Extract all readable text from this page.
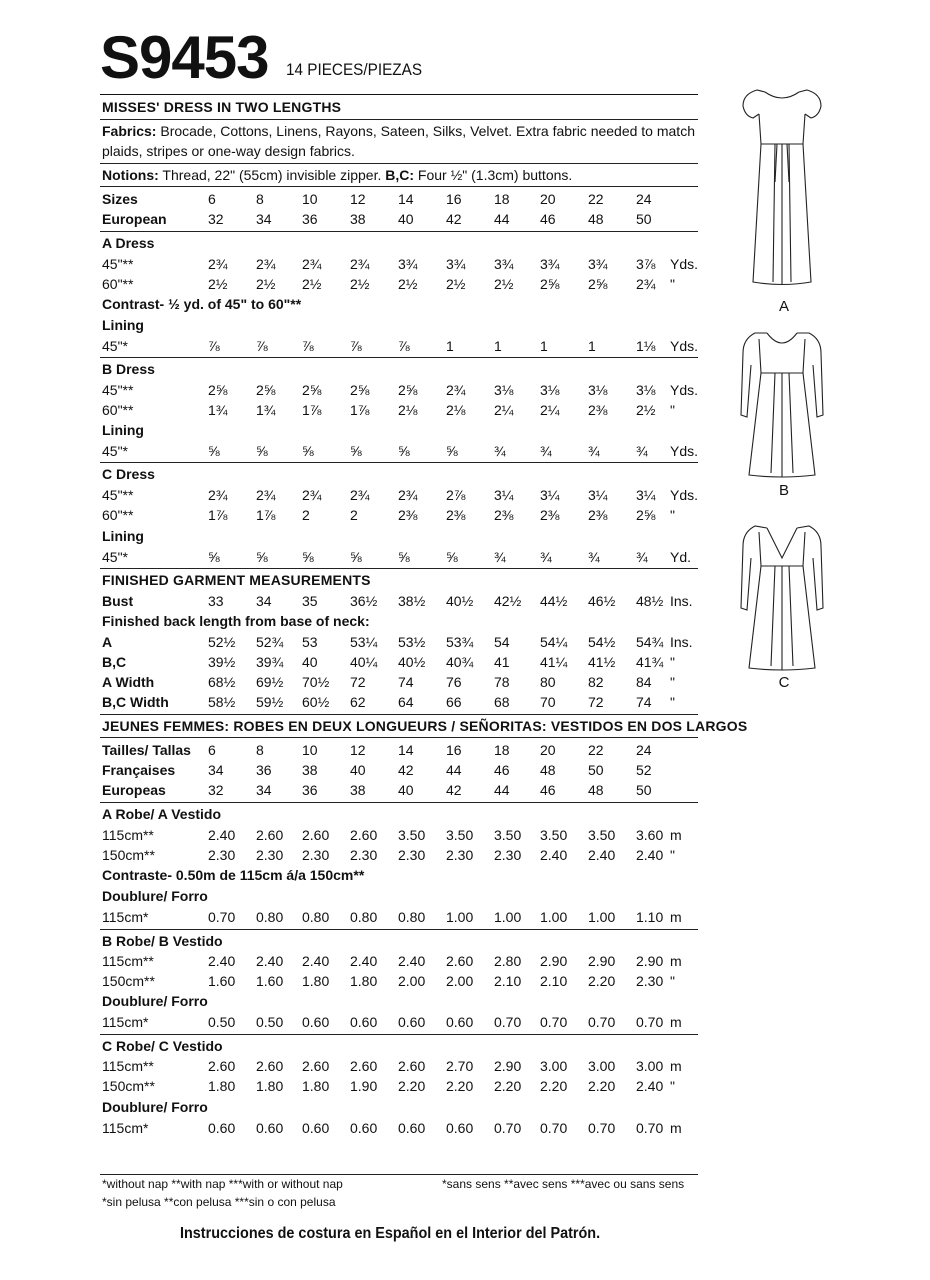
S9453 14 PIECES/PIEZAS
MISSES' DRESS IN TWO LENGTHS
Fabrics: Brocade, Cottons, Linens, Rayons, Sateen, Silks, Velvet. Extra fabric needed to match plaids, stripes or one-way design fabrics.
Notions: Thread, 22" (55cm) invisible zipper. B,C: Four ½" (1.3cm) buttons.
*without nap **with nap ***with or without nap
*sin pelusa **con pelusa ***sin o con pelusa
*sans sens **avec sens ***avec ou sans sens
Instrucciones de costura en Español en el Interior del Patrón.
A
B
C
Sizes	6	8	10	12	14	16	18	20	22	24
European	32	34	36	38	40	42	44	46	48	50
A Dress
45"**	2¾	2¾	2¾	2¾	3¾	3¾	3¾	3¾	3¾	3⅞	Yds.
60"**	2½	2½	2½	2½	2½	2½	2½	2⅝	2⅝	2¾	"
Contrast- ½ yd. of 45" to 60"**
Lining
45"*	⅞	⅞	⅞	⅞	⅞	1	1	1	1	1⅛	Yds.
B Dress
45"**	2⅝	2⅝	2⅝	2⅝	2⅝	2¾	3⅛	3⅛	3⅛	3⅛	Yds.
60"**	1¾	1¾	1⅞	1⅞	2⅛	2⅛	2¼	2¼	2⅜	2½	"
Lining
45"*	⅝	⅝	⅝	⅝	⅝	⅝	¾	¾	¾	¾	Yds.
C Dress
45"**	2¾	2¾	2¾	2¾	2¾	2⅞	3¼	3¼	3¼	3¼	Yds.
60"**	1⅞	1⅞	2	2	2⅜	2⅜	2⅜	2⅜	2⅜	2⅝	"
Lining
45"*	⅝	⅝	⅝	⅝	⅝	⅝	¾	¾	¾	¾	Yd.
FINISHED GARMENT MEASUREMENTS
Bust	33	34	35	36½	38½	40½	42½	44½	46½	48½ Ins.
Finished back length from base of neck:
A	52½	52¾	53	53¼	53½	53¾	54	54¼	54½	54¾ Ins.
B,C	39½	39¾	40	40¼	40½	40¾	41	41¼	41½	41¾ "
A Width	68½	69½	70½	72	74	76	78	80	82	84	"
B,C Width	58½	59½	60½	62	64	66	68	70	72	74	"
JEUNES FEMMES: ROBES EN DEUX LONGUEURS / SEÑORITAS: VESTIDOS EN DOS LARGOS
Tailles/ Tallas 6	8	10	12	14	16	18	20	22	24
Françaises 34	36	38	40	42	44	46	48	50	52
Europeas	32	34	36	38	40	42	44	46	48	50
A Robe/ A Vestido
115cm**	2.40	2.60	2.60	2.60	3.50	3.50	3.50	3.50	3.50	3.60 m
150cm**	2.30	2.30	2.30	2.30	2.30	2.30	2.30	2.40	2.40	2.40 "
Contraste- 0.50m de 115cm á/a 150cm**
Doublure/ Forro
115cm*	0.70	0.80	0.80	0.80	0.80	1.00	1.00	1.00	1.00	1.10 m
B Robe/ B Vestido
115cm**	2.40	2.40	2.40	2.40	2.40	2.60	2.80	2.90	2.90	2.90 m
150cm**	1.60	1.60	1.80	1.80	2.00	2.00	2.10	2.10	2.20	2.30 "
Doublure/ Forro
115cm*	0.50	0.50	0.60	0.60	0.60	0.60	0.70	0.70	0.70	0.70 m
C Robe/ C Vestido
115cm**	2.60	2.60	2.60	2.60	2.60	2.70	2.90	3.00	3.00	3.00 m
150cm**	1.80	1.80	1.80	1.90	2.20	2.20	2.20	2.20	2.20	2.40 "
Doublure/ Forro
115cm*	0.60	0.60	0.60	0.60	0.60	0.60	0.70	0.70	0.70	0.70 m
